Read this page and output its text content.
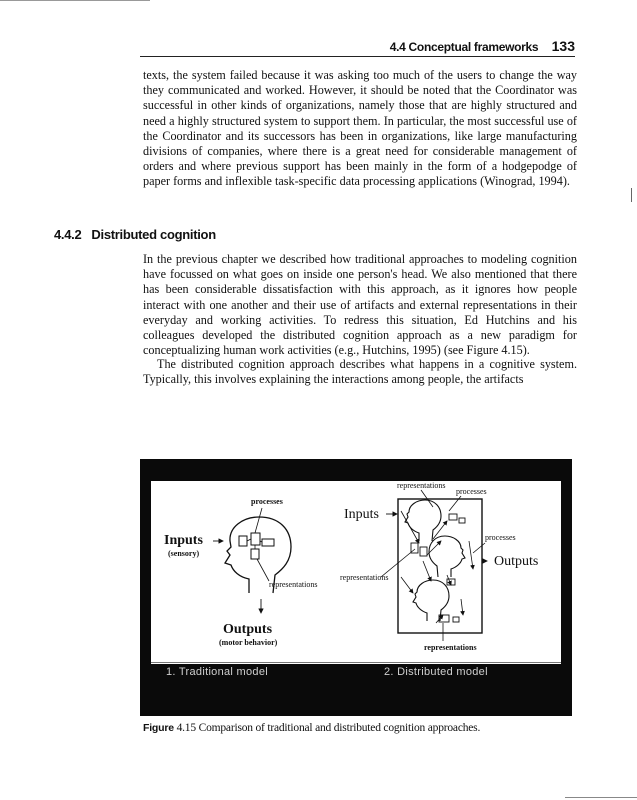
4.4 Conceptual frameworks 133

texts, the system failed because it was asking too much of the users to change the way they communicated and worked. However, it should be noted that the Coordinator was successful in other kinds of organizations, namely those that are highly structured and need a highly structured system to support them. In particular, the most successful use of the Coordinator and its successors has been in organizations, like large manufacturing divisions of companies, where there is a great need for considerable management of orders and where previous support has been mainly in the form of a hodgepodge of paper forms and inflexible task-specific data processing applications (Winograd, 1994).

4.4.2 Distributed cognition

In the previous chapter we described how traditional approaches to modeling cognition have focussed on what goes on inside one person's head. We also mentioned that there has been considerable dissatisfaction with this approach, as it ignores how people interact with one another and their use of artifacts and external representations in their everyday and working activities. To redress this situation, Ed Hutchins and his colleagues developed the distributed cognition approach as a new paradigm for conceptualizing human work activities (e.g., Hutchins, 1995) (see Figure 4.15).

The distributed cognition approach describes what happens in a cognitive system. Typically, this involves explaining the interactions among people, the artifacts

processes
Inputs
(sensory)
representations
Outputs
(motor behavior)
representations
processes
Inputs
processes
Outputs
representations
representations
1. Traditional model	2. Distributed model
Figure 4.15 Comparison of traditional and distributed cognition approaches.
